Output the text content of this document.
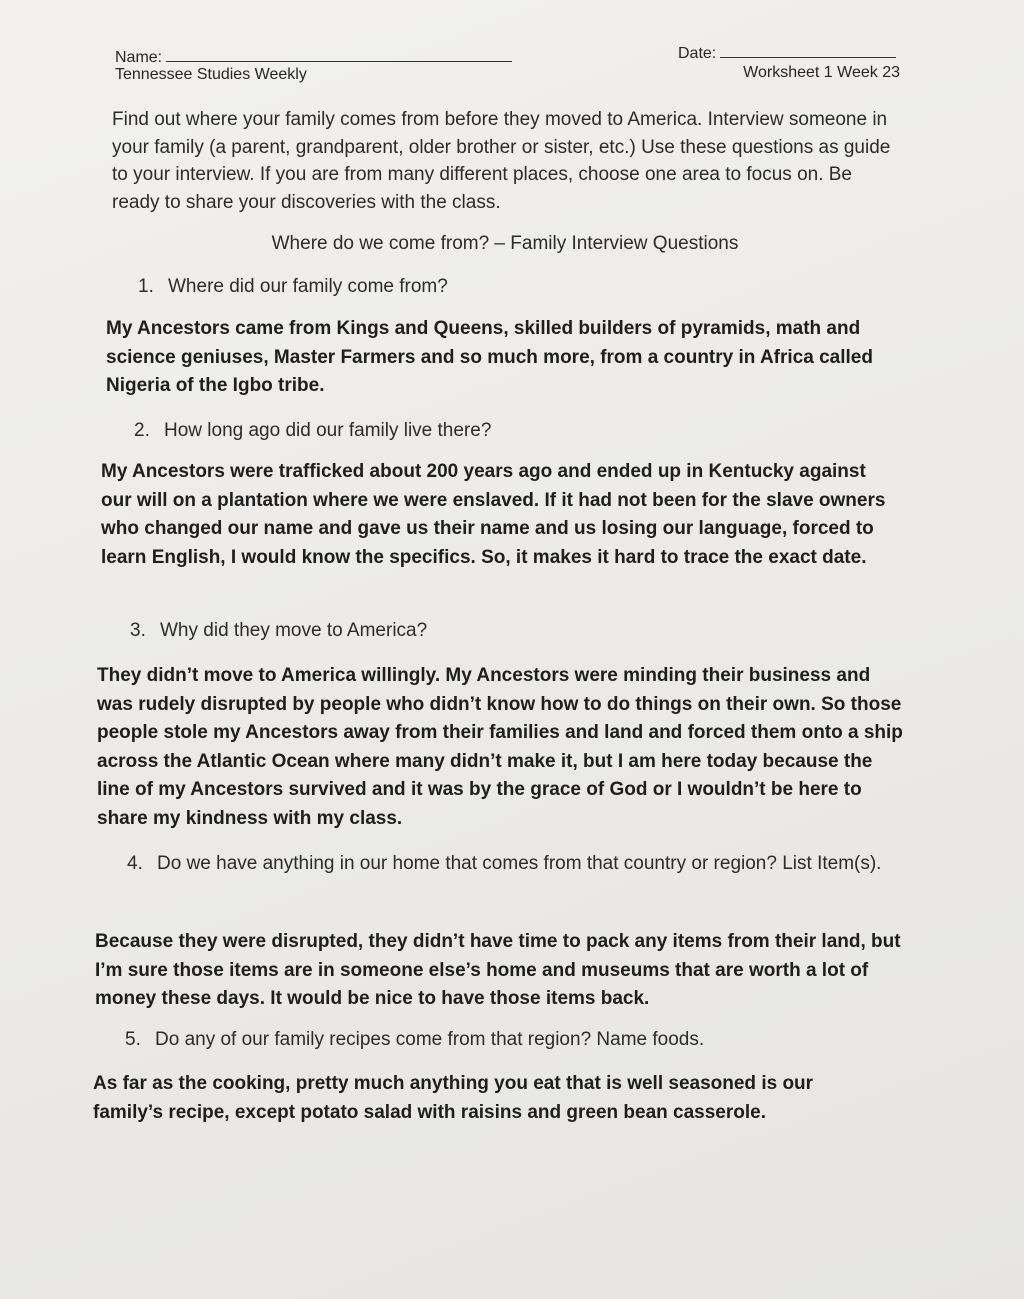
Name:	Date:
Tennessee Studies Weekly	Worksheet 1 Week 23
Find out where your family comes from before they moved to America. Interview someone in your family (a parent, grandparent, older brother or sister, etc.) Use these questions as guide to your interview. If you are from many different places, choose one area to focus on. Be ready to share your discoveries with the class.
Where do we come from? – Family Interview Questions
1. Where did our family come from?
My Ancestors came from Kings and Queens, skilled builders of pyramids, math and science geniuses, Master Farmers and so much more, from a country in Africa called Nigeria of the Igbo tribe.
2. How long ago did our family live there?
My Ancestors were trafficked about 200 years ago and ended up in Kentucky against our will on a plantation where we were enslaved. If it had not been for the slave owners who changed our name and gave us their name and us losing our language, forced to learn English, I would know the specifics. So, it makes it hard to trace the exact date.
3. Why did they move to America?
They didn’t move to America willingly. My Ancestors were minding their business and was rudely disrupted by people who didn’t know how to do things on their own. So those people stole my Ancestors away from their families and land and forced them onto a ship across the Atlantic Ocean where many didn’t make it, but I am here today because the line of my Ancestors survived and it was by the grace of God or I wouldn’t be here to share my kindness with my class.
4. Do we have anything in our home that comes from that country or region? List Item(s).
Because they were disrupted, they didn’t have time to pack any items from their land, but I’m sure those items are in someone else’s home and museums that are worth a lot of money these days. It would be nice to have those items back.
5. Do any of our family recipes come from that region? Name foods.
As far as the cooking, pretty much anything you eat that is well seasoned is our family’s recipe, except potato salad with raisins and green bean casserole.
